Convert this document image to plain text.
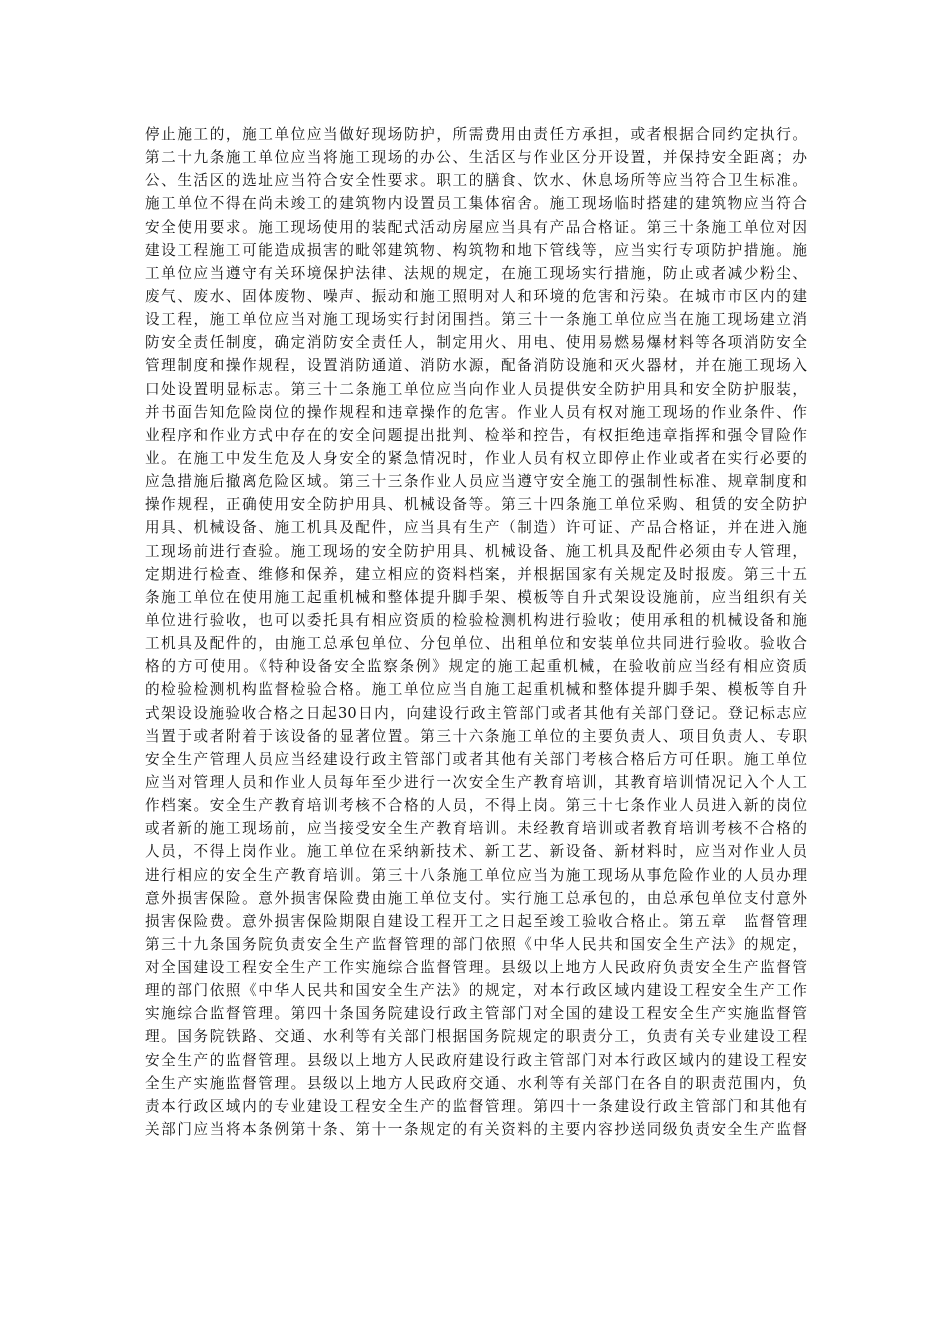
停止施工的，施工单位应当做好现场防护，所需费用由责任方承担，或者根据合同约定执行。
第二十九条施工单位应当将施工现场的办公、生活区与作业区分开设置，并保持安全距离；办
公、生活区的选址应当符合安全性要求。职工的膳食、饮水、休息场所等应当符合卫生标准。
施工单位不得在尚未竣工的建筑物内设置员工集体宿舍。施工现场临时搭建的建筑物应当符合
安全使用要求。施工现场使用的装配式活动房屋应当具有产品合格证。第三十条施工单位对因
建设工程施工可能造成损害的毗邻建筑物、构筑物和地下管线等，应当实行专项防护措施。施
工单位应当遵守有关环境保护法律、法规的规定，在施工现场实行措施，防止或者减少粉尘、
废气、废水、固体废物、噪声、振动和施工照明对人和环境的危害和污染。在城市市区内的建
设工程，施工单位应当对施工现场实行封闭围挡。第三十一条施工单位应当在施工现场建立消
防安全责任制度，确定消防安全责任人，制定用火、用电、使用易燃易爆材料等各项消防安全
管理制度和操作规程，设置消防通道、消防水源，配备消防设施和灭火器材，并在施工现场入
口处设置明显标志。第三十二条施工单位应当向作业人员提供安全防护用具和安全防护服装，
并书面告知危险岗位的操作规程和违章操作的危害。作业人员有权对施工现场的作业条件、作
业程序和作业方式中存在的安全问题提出批判、检举和控告，有权拒绝违章指挥和强令冒险作
业。在施工中发生危及人身安全的紧急情况时，作业人员有权立即停止作业或者在实行必要的
应急措施后撤离危险区域。第三十三条作业人员应当遵守安全施工的强制性标准、规章制度和
操作规程，正确使用安全防护用具、机械设备等。第三十四条施工单位采购、租赁的安全防护
用具、机械设备、施工机具及配件，应当具有生产（制造）许可证、产品合格证，并在进入施
工现场前进行查验。施工现场的安全防护用具、机械设备、施工机具及配件必须由专人管理，
定期进行检查、维修和保养，建立相应的资料档案，并根据国家有关规定及时报废。第三十五
条施工单位在使用施工起重机械和整体提升脚手架、模板等自升式架设设施前，应当组织有关
单位进行验收，也可以委托具有相应资质的检验检测机构进行验收；使用承租的机械设备和施
工机具及配件的，由施工总承包单位、分包单位、出租单位和安装单位共同进行验收。验收合
格的方可使用。《特种设备安全监察条例》规定的施工起重机械，在验收前应当经有相应资质
的检验检测机构监督检验合格。施工单位应当自施工起重机械和整体提升脚手架、模板等自升
式架设设施验收合格之日起30日内，向建设行政主管部门或者其他有关部门登记。登记标志应
当置于或者附着于该设备的显著位置。第三十六条施工单位的主要负责人、项目负责人、专职
安全生产管理人员应当经建设行政主管部门或者其他有关部门考核合格后方可任职。施工单位
应当对管理人员和作业人员每年至少进行一次安全生产教育培训，其教育培训情况记入个人工
作档案。安全生产教育培训考核不合格的人员，不得上岗。第三十七条作业人员进入新的岗位
或者新的施工现场前，应当接受安全生产教育培训。未经教育培训或者教育培训考核不合格的
人员，不得上岗作业。施工单位在采纳新技术、新工艺、新设备、新材料时，应当对作业人员
进行相应的安全生产教育培训。第三十八条施工单位应当为施工现场从事危险作业的人员办理
意外损害保险。意外损害保险费由施工单位支付。实行施工总承包的，由总承包单位支付意外
损害保险费。意外损害保险期限自建设工程开工之日起至竣工验收合格止。第五章　监督管理
第三十九条国务院负责安全生产监督管理的部门依照《中华人民共和国安全生产法》的规定，
对全国建设工程安全生产工作实施综合监督管理。县级以上地方人民政府负责安全生产监督管
理的部门依照《中华人民共和国安全生产法》的规定，对本行政区域内建设工程安全生产工作
实施综合监督管理。第四十条国务院建设行政主管部门对全国的建设工程安全生产实施监督管
理。国务院铁路、交通、水利等有关部门根据国务院规定的职责分工，负责有关专业建设工程
安全生产的监督管理。县级以上地方人民政府建设行政主管部门对本行政区域内的建设工程安
全生产实施监督管理。县级以上地方人民政府交通、水利等有关部门在各自的职责范围内，负
责本行政区域内的专业建设工程安全生产的监督管理。第四十一条建设行政主管部门和其他有
关部门应当将本条例第十条、第十一条规定的有关资料的主要内容抄送同级负责安全生产监督
